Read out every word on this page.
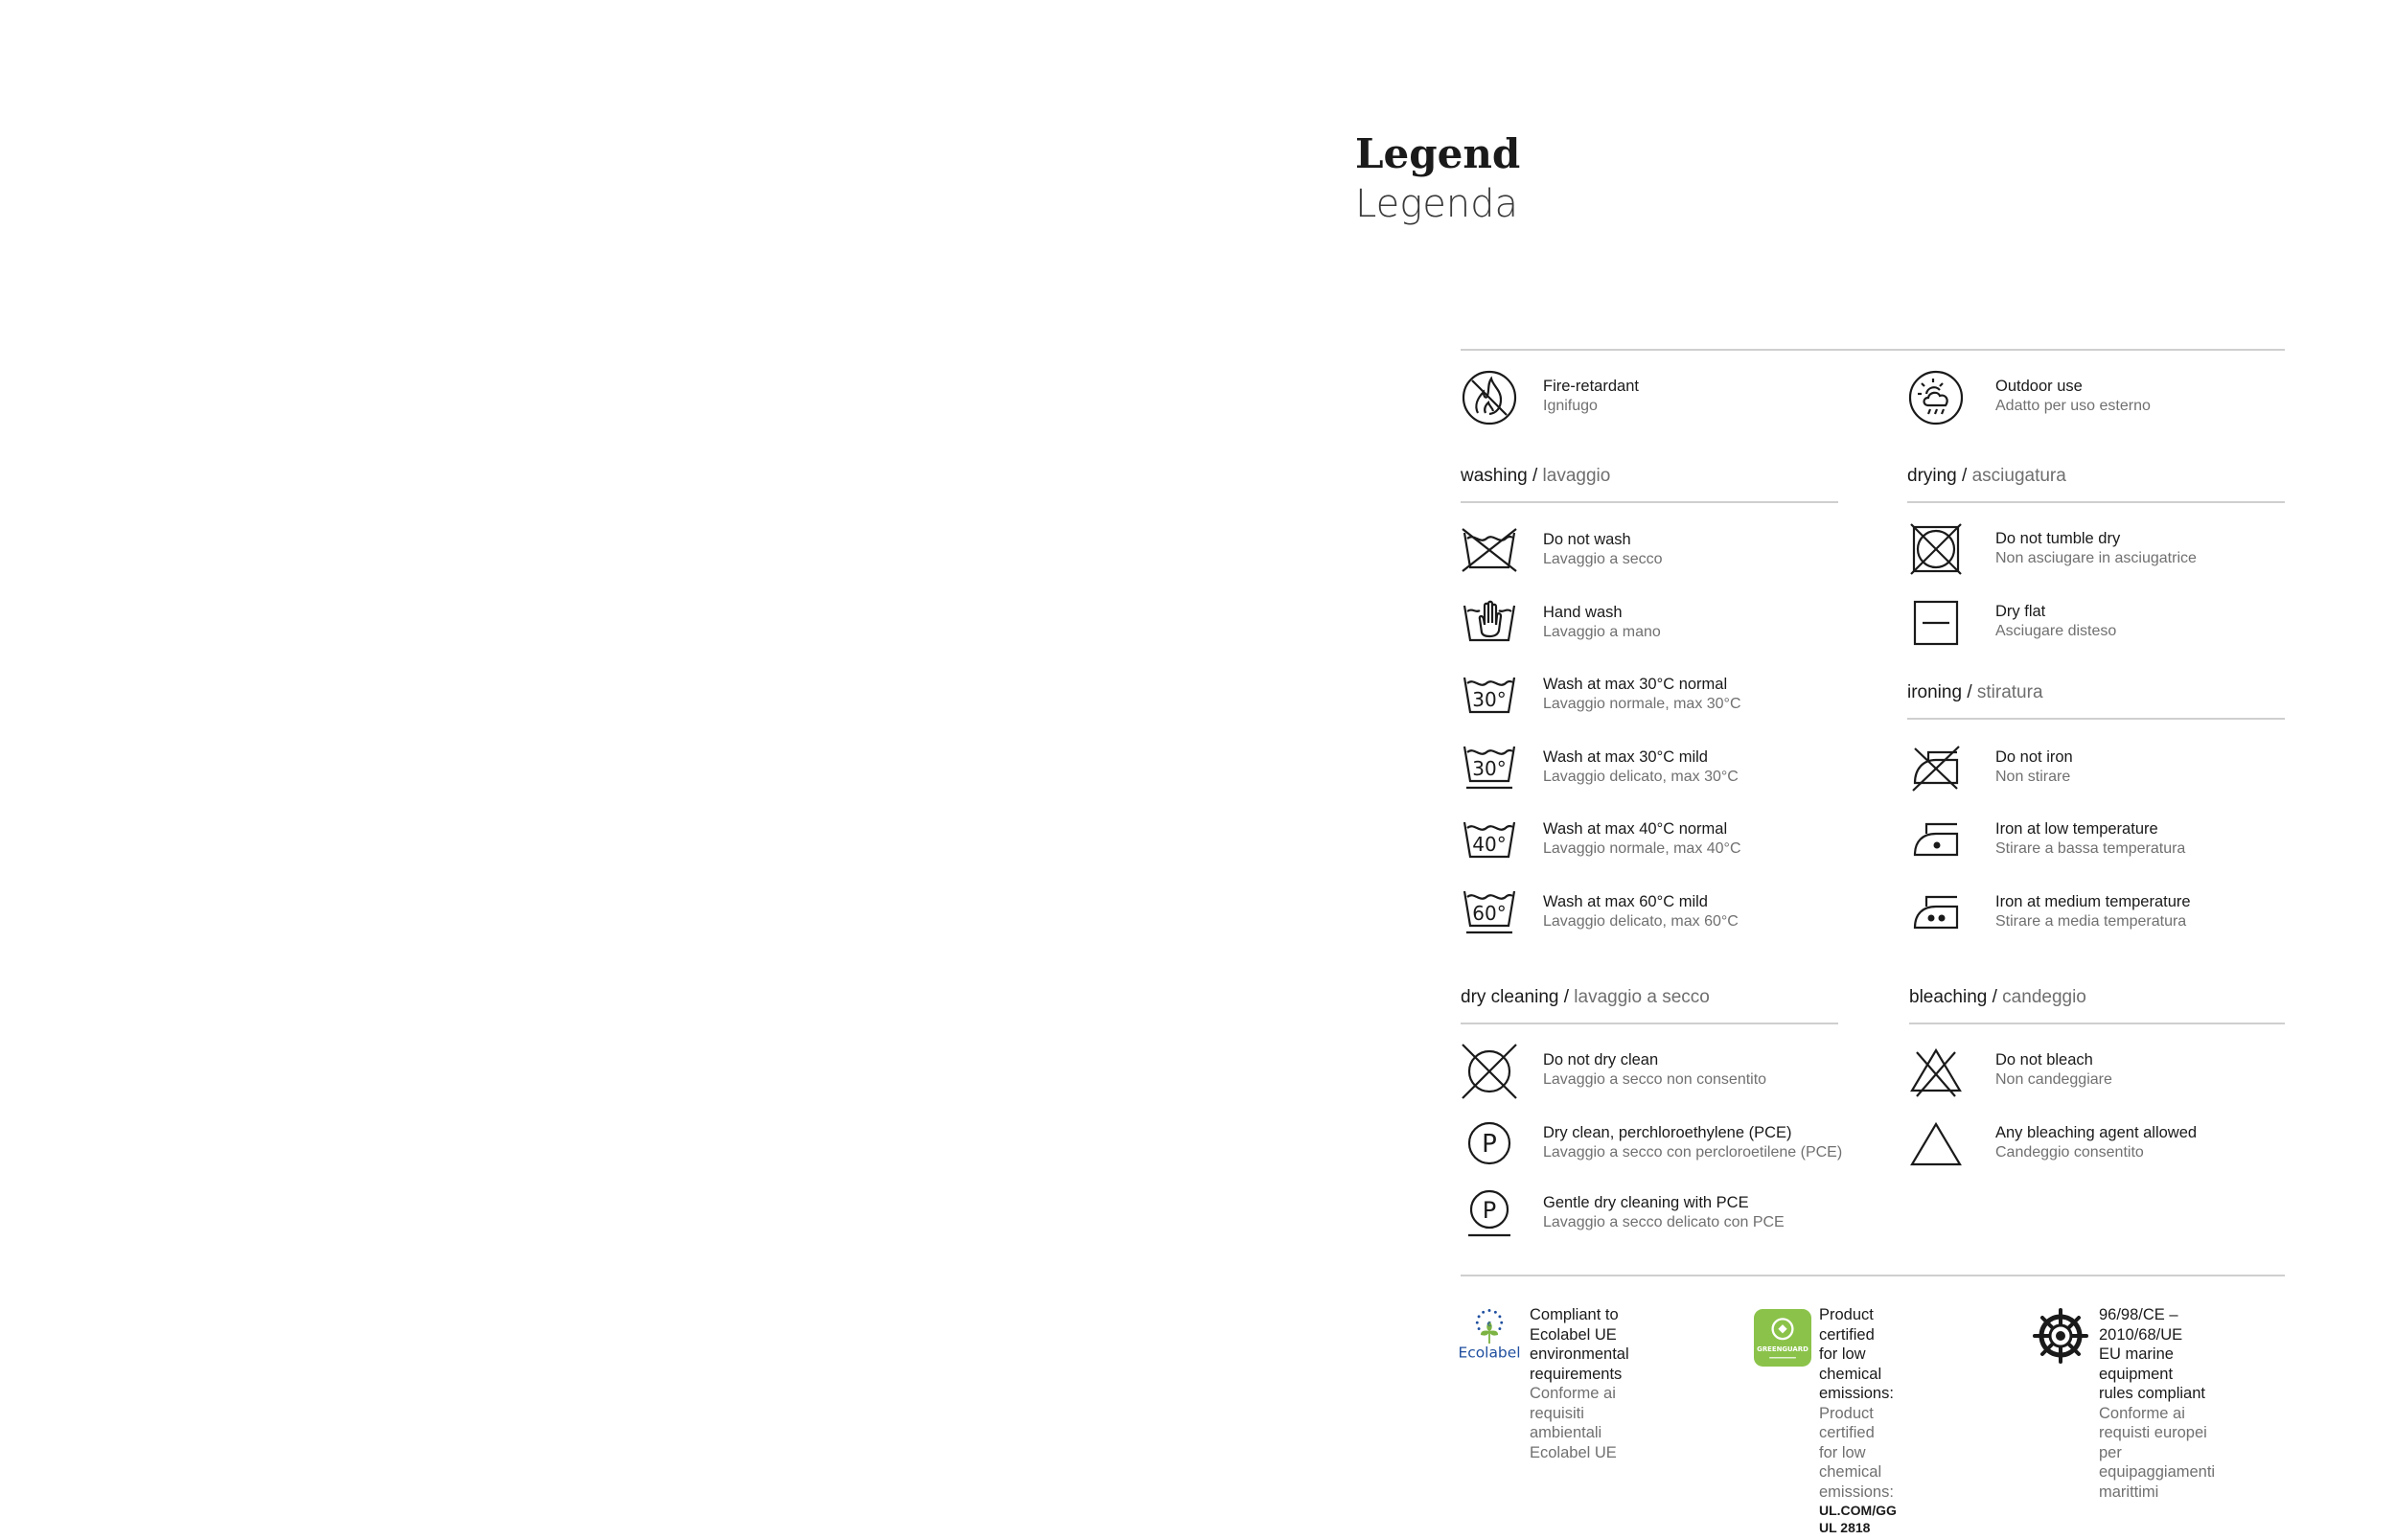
Legend
Legenda
Fire-retardant
Ignifugo
Outdoor use
Adatto per uso esterno
washing / lavaggio
Do not wash
Lavaggio a secco
Hand wash
Lavaggio a mano
30°
Wash at max 30°C normal
Lavaggio normale, max 30°C
30° Wash at max 30°C mild
Lavaggio delicato, max 30°C
40°
Wash at max 40°C normal
Lavaggio normale, max 40°C
60° Wash at max 60°C mild
Lavaggio delicato, max 60°C
drying / asciugatura
Do not tumble dry
Non asciugare in asciugatrice
Dry flat
Asciugare disteso
ironing / stiratura
Do not iron
Non stirare
Iron at low temperature
Stirare a bassa temperatura
Iron at medium temperature
Stirare a media temperatura
dry cleaning / lavaggio a secco
Do not dry clean
Lavaggio a secco non consentito
P	Dry clean, perchloroethylene (PCE)
Lavaggio a secco con percloroetilene (PCE)
P	Gentle dry cleaning with PCE
Lavaggio a secco delicato con PCE
bleaching / candeggio
Do not bleach
Non candeggiare
Any bleaching agent allowed
Candeggio consentito
€
Ecolabel
Compliant to Ecolabel UE
environmental
requirements
Conforme ai requisiti
ambientali Ecolabel UE
GREENGUARD
Product certified for low
chemical emissions:
Product certified for low
chemical emissions:
UL.COM/GG
UL 2818
96/98/CE – 2010/68/UE
EU marine equipment
rules compliant
Conforme ai
requisti europei per
equipaggiamenti marittimi
